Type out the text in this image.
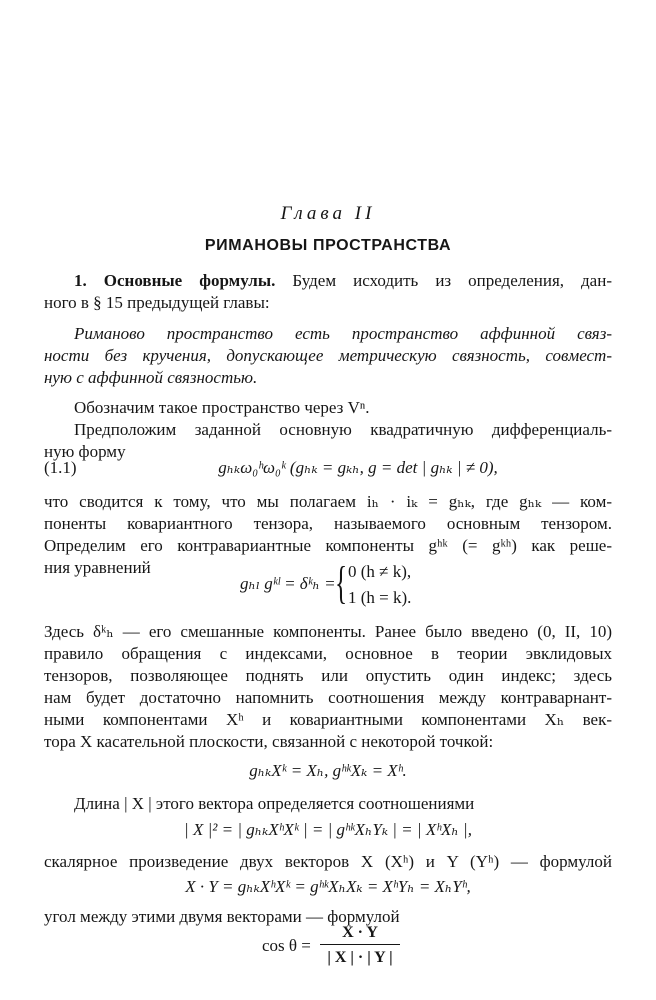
Глава II
РИМАНОВЫ ПРОСТРАНСТВА
1. Основные формулы. Будем исходить из определения, дан-
ного в § 15 предыдущей главы:
Риманово пространство есть пространство аффинной связ-
ности без кручения, допускающее метрическую связность, совмест-
ную с аффинной связностью.
Обозначим такое пространство через Vⁿ.
Предположим заданной основную квадратичную дифференциаль-
ную форму
(1.1)	gₕₖω₀ʰω₀ᵏ (gₕₖ = gₖₕ, g = det | gₕₖ | ≠ 0),
что сводится к тому, что мы полагаем iₕ · iₖ = gₕₖ, где gₕₖ — ком-
поненты ковариантного тензора, называемого основным тензором.
Определим его контравариантные компоненты gʰᵏ (= gᵏʰ) как реше-
ния уравнений
gₕₗ gᵏˡ = δᵏₕ = { 0 (h ≠ k),
1 (h = k).
Здесь δᵏₕ — его смешанные компоненты. Ранее было введено (0, II, 10)
правило обращения с индексами, основное в теории эвклидовых
тензоров, позволяющее поднять или опустить один индекс; здесь
нам будет достаточно напомнить соотношения между контраварнант-
ными компонентами Xʰ и ковариантными компонентами Xₕ век-
тора X касательной плоскости, связанной с некоторой точкой:
gₕₖXᵏ = Xₕ, gʰᵏXₖ = Xʰ.
Длина | X | этого вектора определяется соотношениями
| X |² = | gₕₖXʰXᵏ | = | gʰᵏXₕYₖ | = | XʰXₕ |,
скалярное произведение двух векторов X (Xʰ) и Y (Yʰ) — формулой
X · Y = gₕₖXʰXᵏ = gʰᵏXₕXₖ = XʰYₕ = XₕYʰ,
угол между этими двумя векторами — формулой
cos θ =
X · Y
| X | · | Y |
